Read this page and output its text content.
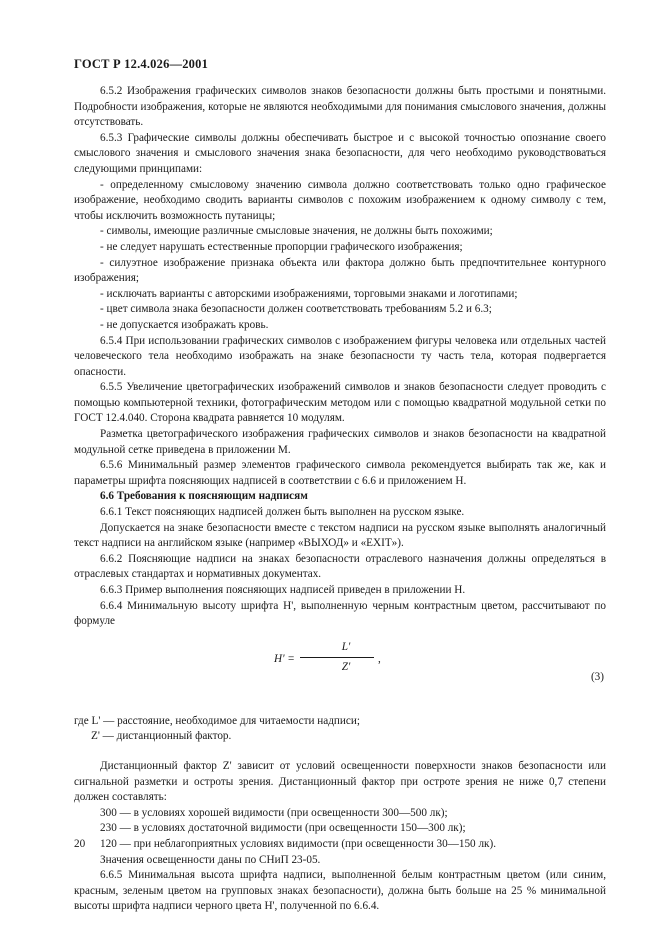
ГОСТ Р 12.4.026—2001

6.5.2 Изображения графических символов знаков безопасности должны быть простыми и понятными. Подробности изображения, которые не являются необходимыми для понимания смыслового значения, должны отсутствовать.

6.5.3 Графические символы должны обеспечивать быстрое и с высокой точностью опознание своего смыслового значения и смыслового значения знака безопасности, для чего необходимо руководствоваться следующими принципами:

- определенному смысловому значению символа должно соответствовать только одно графическое изображение, необходимо сводить варианты символов с похожим изображением к одному символу с тем, чтобы исключить возможность путаницы;

- символы, имеющие различные смысловые значения, не должны быть похожими;

- не следует нарушать естественные пропорции графического изображения;

- силуэтное изображение признака объекта или фактора должно быть предпочтительнее контурного изображения;

- исключать варианты с авторскими изображениями, торговыми знаками и логотипами;

- цвет символа знака безопасности должен соответствовать требованиям 5.2 и 6.3;

- не допускается изображать кровь.

6.5.4 При использовании графических символов с изображением фигуры человека или отдельных частей человеческого тела необходимо изображать на знаке безопасности ту часть тела, которая подвергается опасности.

6.5.5 Увеличение цветографических изображений символов и знаков безопасности следует проводить с помощью компьютерной техники, фотографическим методом или с помощью квадратной модульной сетки по ГОСТ 12.4.040. Сторона квадрата равняется 10 модулям.

Разметка цветографического изображения графических символов и знаков безопасности на квадратной модульной сетке приведена в приложении М.

6.5.6 Минимальный размер элементов графического символа рекомендуется выбирать так же, как и параметры шрифта поясняющих надписей в соответствии с 6.6 и приложением Н.

6.6 Требования к поясняющим надписям

6.6.1 Текст поясняющих надписей должен быть выполнен на русском языке.

Допускается на знаке безопасности вместе с текстом надписи на русском языке выполнять аналогичный текст надписи на английском языке (например «ВЫХОД» и «EXIT»).

6.6.2 Поясняющие надписи на знаках безопасности отраслевого назначения должны определяться в отраслевых стандартах и нормативных документах.

6.6.3 Пример выполнения поясняющих надписей приведен в приложении Н.

6.6.4 Минимальную высоту шрифта H', выполненную черным контрастным цветом, рассчитывают по формуле

H' =
L'
Z'
,
(3)

где L' — расстояние, необходимое для читаемости надписи;

Z' — дистанционный фактор.

Дистанционный фактор Z' зависит от условий освещенности поверхности знаков безопасности или сигнальной разметки и остроты зрения. Дистанционный фактор при остроте зрения не ниже 0,7 степени должен составлять:

300 — в условиях хорошей видимости (при освещенности 300—500 лк);

230 — в условиях достаточной видимости (при освещенности 150—300 лк);

120 — при неблагоприятных условиях видимости (при освещенности 30—150 лк).

Значения освещенности даны по СНиП 23-05.

6.6.5 Минимальная высота шрифта надписи, выполненной белым контрастным цветом (или синим, красным, зеленым цветом на групповых знаках безопасности), должна быть больше на 25 % минимальной высоты шрифта надписи черного цвета H', полученной по 6.6.4.

20
